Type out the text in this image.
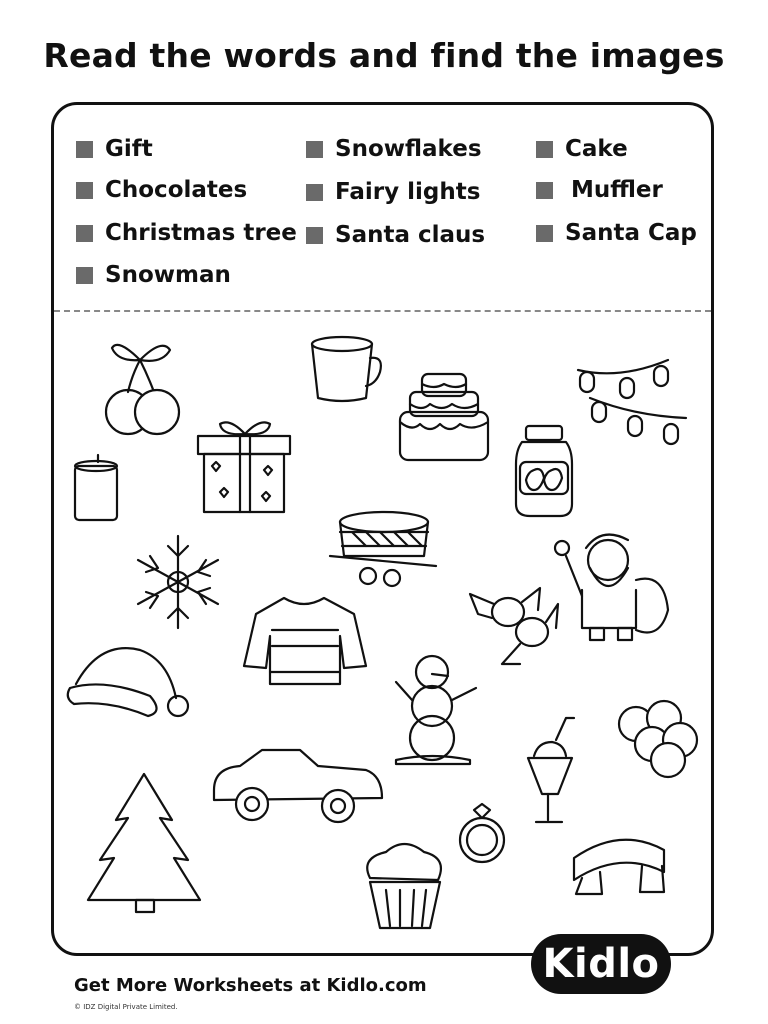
Read the words and find the images
Gift
Chocolates
Christmas tree
Snowman
Snowflakes
Fairy lights
Santa claus
Cake
Muffler
Santa Cap
Kidlo
Get More Worksheets at Kidlo.com
© IDZ Digital Private Limited.
